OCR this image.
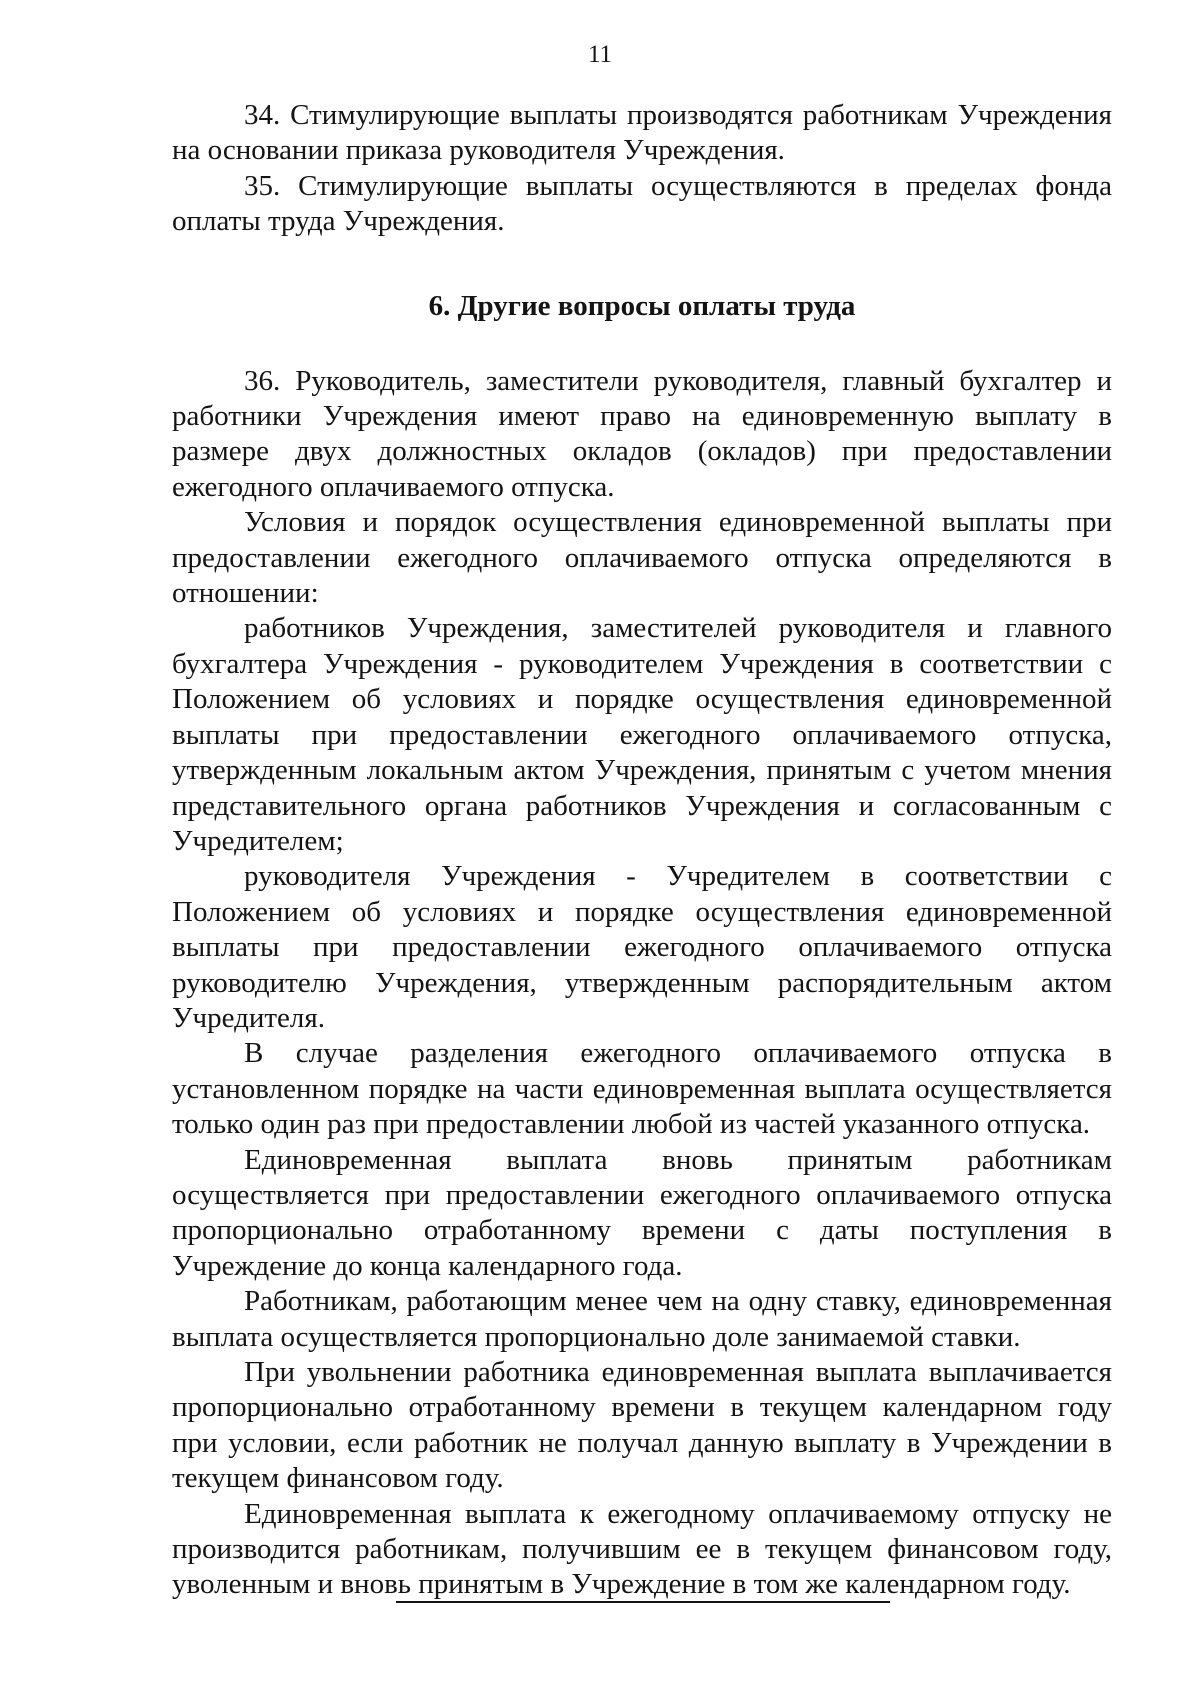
11

34. Стимулирующие выплаты производятся работникам Учреждения на основании приказа руководителя Учреждения.

35. Стимулирующие выплаты осуществляются в пределах фонда оплаты труда Учреждения.

6. Другие вопросы оплаты труда

36. Руководитель, заместители руководителя, главный бухгалтер и работники Учреждения имеют право на единовременную выплату в размере двух должностных окладов (окладов) при предоставлении ежегодного оплачиваемого отпуска.

Условия и порядок осуществления единовременной выплаты при предоставлении ежегодного оплачиваемого отпуска определяются в отношении:

работников Учреждения, заместителей руководителя и главного бухгалтера Учреждения - руководителем Учреждения в соответствии с Положением об условиях и порядке осуществления единовременной выплаты при предоставлении ежегодного оплачиваемого отпуска, утвержденным локальным актом Учреждения, принятым с учетом мнения представительного органа работников Учреждения и согласованным с Учредителем;

руководителя Учреждения - Учредителем в соответствии с Положением об условиях и порядке осуществления единовременной выплаты при предоставлении ежегодного оплачиваемого отпуска руководителю Учреждения, утвержденным распорядительным актом Учредителя.

В случае разделения ежегодного оплачиваемого отпуска в установленном порядке на части единовременная выплата осуществляется только один раз при предоставлении любой из частей указанного отпуска.

Единовременная выплата вновь принятым работникам осуществляется при предоставлении ежегодного оплачиваемого отпуска пропорционально отработанному времени с даты поступления в Учреждение до конца календарного года.

Работникам, работающим менее чем на одну ставку, единовременная выплата осуществляется пропорционально доле занимаемой ставки.

При увольнении работника единовременная выплата выплачивается пропорционально отработанному времени в текущем календарном году при условии, если работник не получал данную выплату в Учреждении в текущем финансовом году.

Единовременная выплата к ежегодному оплачиваемому отпуску не производится работникам, получившим ее в текущем финансовом году, уволенным и вновь принятым в Учреждение в том же календарном году.
